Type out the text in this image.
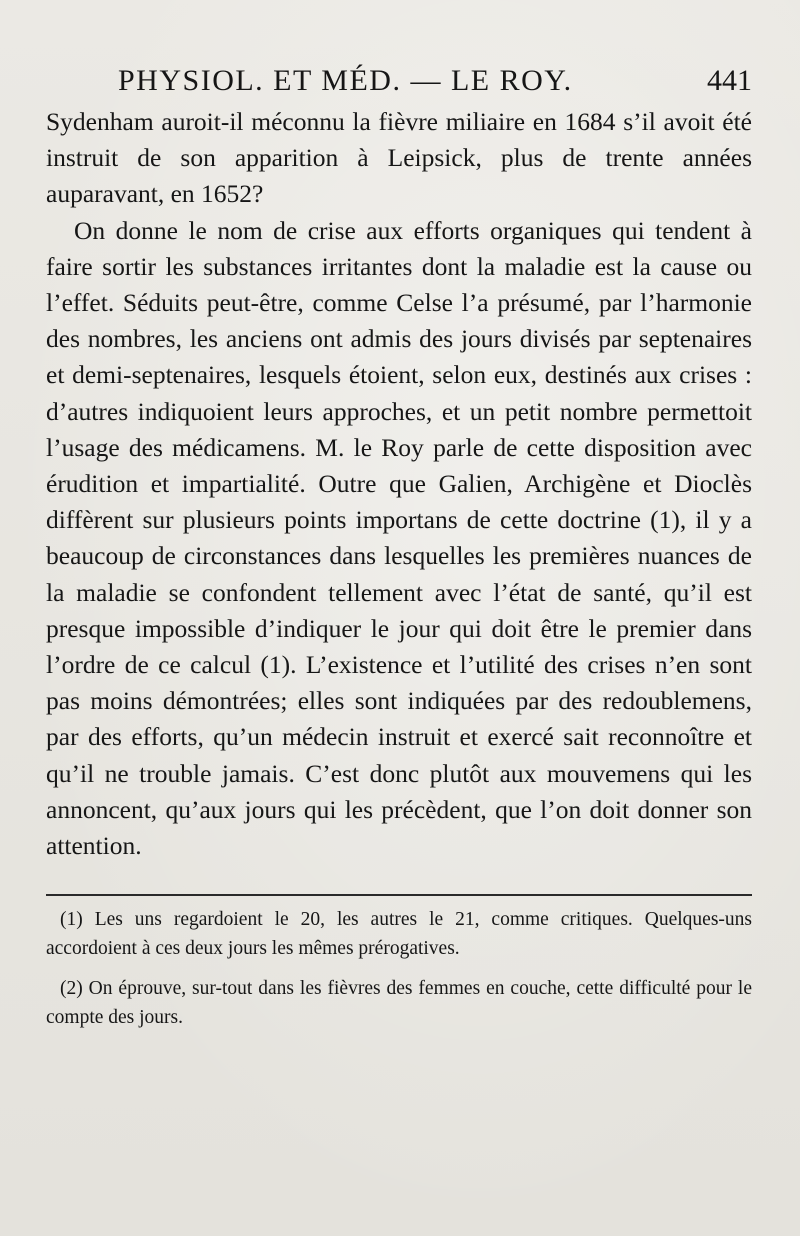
PHYSIOL. ET MÉD. — LE ROY.	441

Sydenham auroit-il méconnu la fièvre miliaire en 1684 s’il avoit été instruit de son apparition à Leipsick, plus de trente années auparavant, en 1652?

On donne le nom de crise aux efforts organiques qui tendent à faire sortir les substances irritantes dont la maladie est la cause ou l’effet. Séduits peut-être, comme Celse l’a présumé, par l’harmonie des nombres, les anciens ont admis des jours divisés par septenaires et demi-septenaires, lesquels étoient, selon eux, destinés aux crises : d’autres indiquoient leurs approches, et un petit nombre permettoit l’usage des médicamens. M. le Roy parle de cette disposition avec érudition et impartialité. Outre que Galien, Archigène et Dioclès diffèrent sur plusieurs points importans de cette doctrine (1), il y a beaucoup de circonstances dans lesquelles les premières nuances de la maladie se confondent tellement avec l’état de santé, qu’il est presque impossible d’indiquer le jour qui doit être le premier dans l’ordre de ce calcul (1). L’existence et l’utilité des crises n’en sont pas moins démontrées; elles sont indiquées par des redoublemens, par des efforts, qu’un médecin instruit et exercé sait reconnoître et qu’il ne trouble jamais. C’est donc plutôt aux mouvemens qui les annoncent, qu’aux jours qui les précèdent, que l’on doit donner son attention.

(1) Les uns regardoient le 20, les autres le 21, comme critiques. Quelques-uns accordoient à ces deux jours les mêmes prérogatives.

(2) On éprouve, sur-tout dans les fièvres des femmes en couche, cette difficulté pour le compte des jours.
